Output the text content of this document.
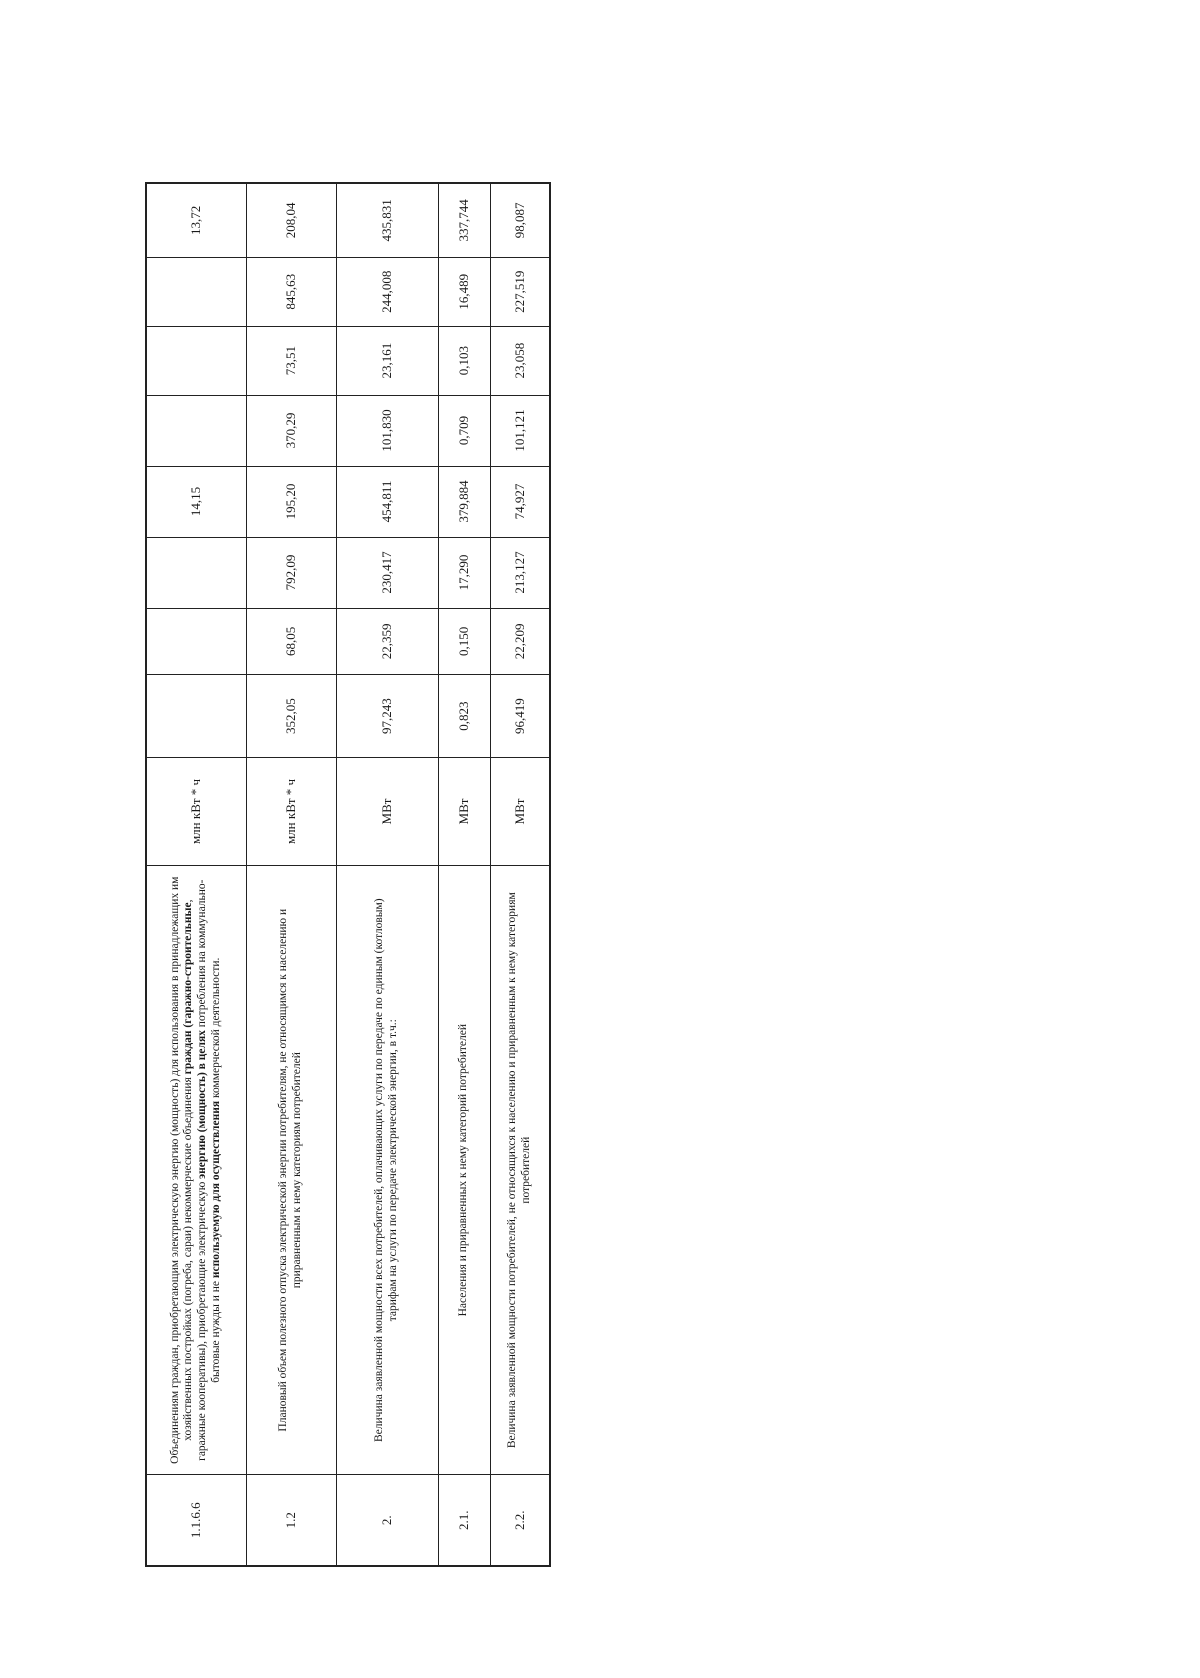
1.1.6.6	Объединениям граждан, приобретающим электрическую энергию (мощность) для использования в принадлежащих им хозяйственных постройках (погреба, сараи) некоммерческие объединения граждан (гаражно-строительные, гаражные кооперативы), приобретающие электрическую энергию (мощность) в целях потребления на коммунально-бытовые нужды и не используемую для осуществления коммерческой деятельности.	млн кВт * ч				14,15				13,72
1.2	Плановый объем полезного отпуска электрической энергии потребителям, не относящимся к населению и приравненным к нему категориям потребителей	млн кВт * ч	352,05	68,05	792,09	195,20	370,29	73,51	845,63	208,04
2.	Величина заявленной мощности всех потребителей, оплачивающих услуги по передаче по единым (котловым) тарифам на услуги по передаче электрической энергии, в т.ч.:	МВт	97,243	22,359	230,417	454,811	101,830	23,161	244,008	435,831
2.1.	Населения и приравненных к нему категорий потребителей	МВт	0,823	0,150	17,290	379,884	0,709	0,103	16,489	337,744
2.2.	Величина заявленной мощности потребителей, не относящихся к населению и приравненным к нему категориям потребителей	МВт	96,419	22,209	213,127	74,927	101,121	23,058	227,519	98,087
